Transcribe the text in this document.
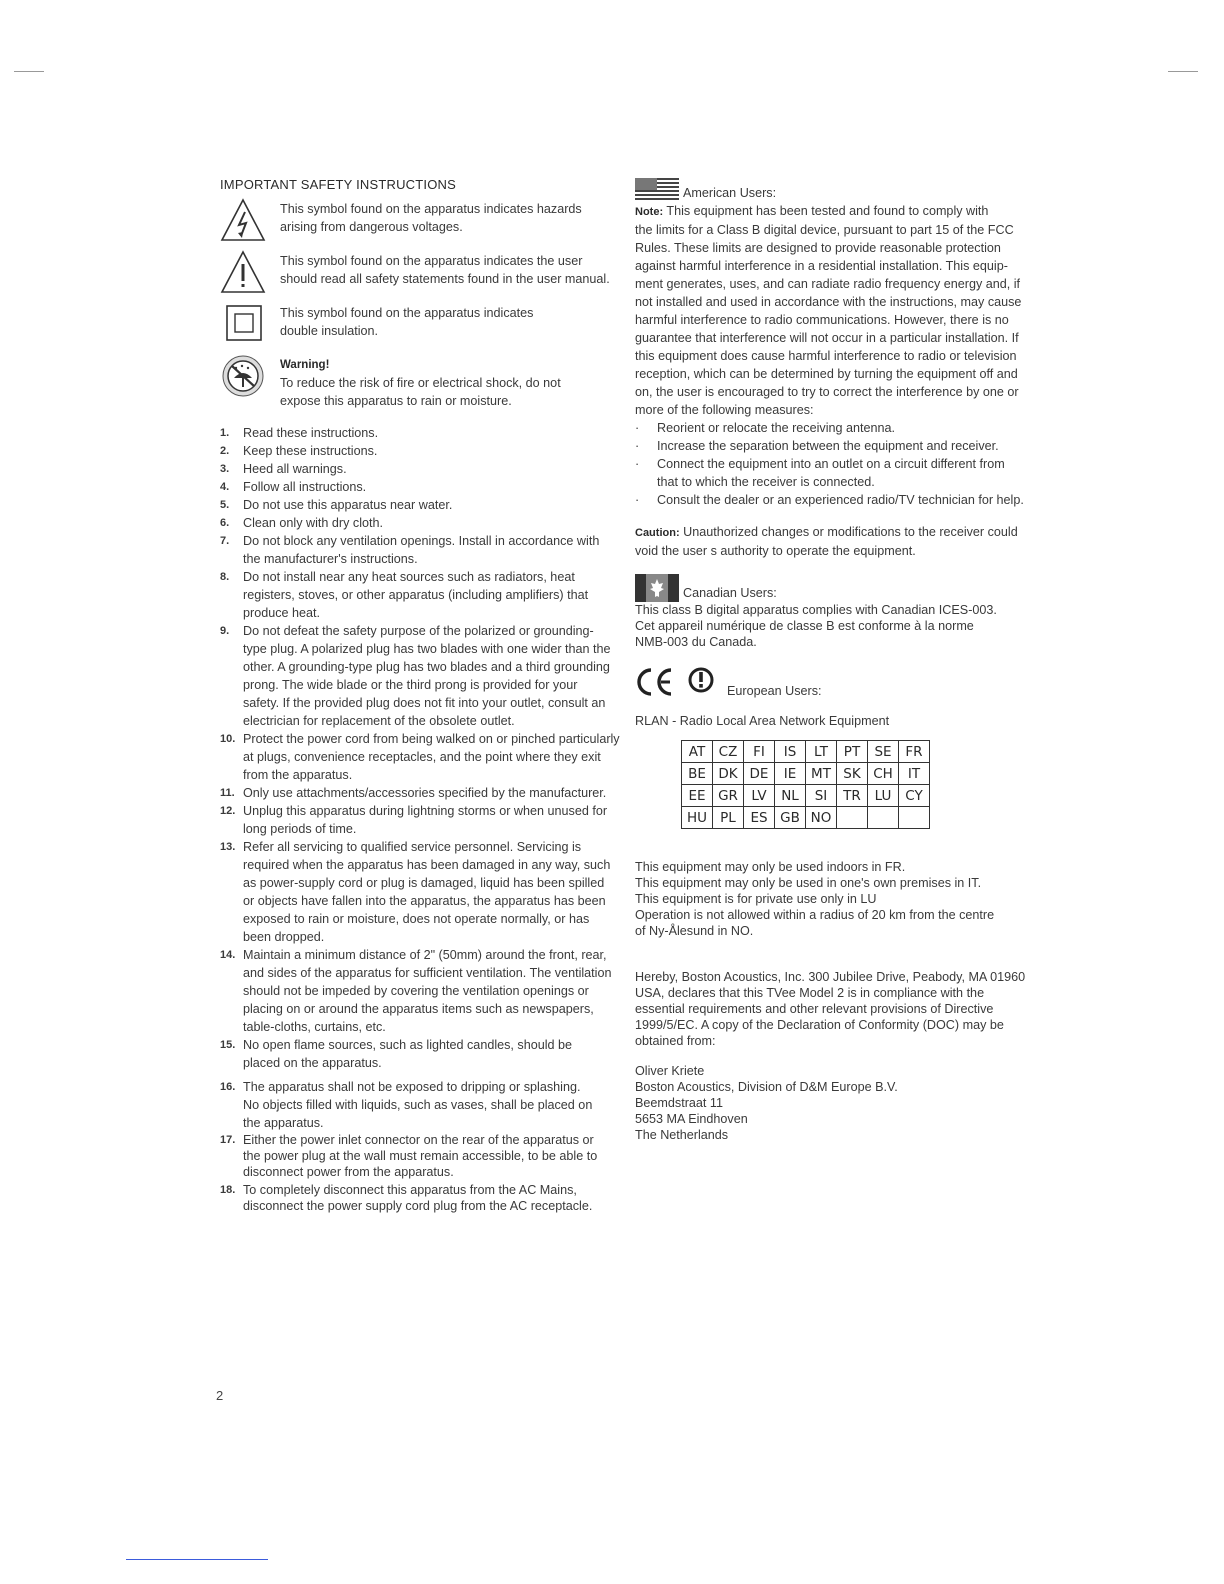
IMPORTANT SAFETY INSTRUCTIONS
This symbol found on the apparatus indicates hazards
arising from dangerous voltages.
This symbol found on the apparatus indicates the user
should read all safety statements found in the user manual.
This symbol found on the apparatus indicates
double insulation.
Warning!
To reduce the risk of fire or electrical shock, do not
expose this apparatus to rain or moisture.
1. Read these instructions.
2. Keep these instructions.
3. Heed all warnings.
4. Follow all instructions.
5. Do not use this apparatus near water.
6. Clean only with dry cloth.
7. Do not block any ventilation openings. Install in accordance with
the manufacturer's instructions.
8. Do not install near any heat sources such as radiators, heat
registers, stoves, or other apparatus (including amplifiers) that
produce heat.
9. Do not defeat the safety purpose of the polarized or grounding-
type plug. A polarized plug has two blades with one wider than the
other. A grounding-type plug has two blades and a third grounding
prong. The wide blade or the third prong is provided for your
safety. If the provided plug does not fit into your outlet, consult an
electrician for replacement of the obsolete outlet.
10. Protect the power cord from being walked on or pinched particularly
at plugs, convenience receptacles, and the point where they exit
from the apparatus.
11. Only use attachments/accessories specified by the manufacturer.
12. Unplug this apparatus during lightning storms or when unused for
long periods of time.
13. Refer all servicing to qualified service personnel. Servicing is
required when the apparatus has been damaged in any way, such
as power-supply cord or plug is damaged, liquid has been spilled
or objects have fallen into the apparatus, the apparatus has been
exposed to rain or moisture, does not operate normally, or has
been dropped.
14. Maintain a minimum distance of 2" (50mm) around the front, rear,
and sides of the apparatus for sufficient ventilation. The ventilation
should not be impeded by covering the ventilation openings or
placing on or around the apparatus items such as newspapers,
table-cloths, curtains, etc.
15. No open flame sources, such as lighted candles, should be
placed on the apparatus.
16. The apparatus shall not be exposed to dripping or splashing.
No objects filled with liquids, such as vases, shall be placed on
the apparatus.
17. Either the power inlet connector on the rear of the apparatus or
the power plug at the wall must remain accessible, to be able to
disconnect power from the apparatus.
18. To completely disconnect this apparatus from the AC Mains,
disconnect the power supply cord plug from the AC receptacle.
American Users:
Note: This equipment has been tested and found to comply with
the limits for a Class B digital device, pursuant to part 15 of the FCC
Rules. These limits are designed to provide reasonable protection
against harmful interference in a residential installation. This equip-
ment generates, uses, and can radiate radio frequency energy and, if
not installed and used in accordance with the instructions, may cause
harmful interference to radio communications. However, there is no
guarantee that interference will not occur in a particular installation. If
this equipment does cause harmful interference to radio or television
reception, which can be determined by turning the equipment off and
on, the user is encouraged to try to correct the interference by one or
more of the following measures:
· Reorient or relocate the receiving antenna.
· Increase the separation between the equipment and receiver.
· Connect the equipment into an outlet on a circuit different from
that to which the receiver is connected.
· Consult the dealer or an experienced radio/TV technician for help.
Caution: Unauthorized changes or modifications to the receiver could
void the user s authority to operate the equipment.
Canadian Users:
This class B digital apparatus complies with Canadian ICES-003.
Cet appareil numérique de classe B est conforme à la norme
NMB-003 du Canada.
European Users:
RLAN - Radio Local Area Network Equipment
AT	CZ	FI	IS	LT	PT	SE	FR
BE	DK	DE	IE	MT	SK	CH	IT
EE	GR	LV	NL	SI	TR	LU	CY
HU	PL	ES	GB	NO			
This equipment may only be used indoors in FR.
This equipment may only be used in one's own premises in IT.
This equipment is for private use only in LU
Operation is not allowed within a radius of 20 km from the centre
of Ny-Ålesund in NO.
Hereby, Boston Acoustics, Inc. 300 Jubilee Drive, Peabody, MA 01960
USA, declares that this TVee Model 2 is in compliance with the
essential requirements and other relevant provisions of Directive
1999/5/EC. A copy of the Declaration of Conformity (DOC) may be
obtained from:
Oliver Kriete
Boston Acoustics, Division of D&M Europe B.V.
Beemdstraat 11
5653 MA Eindhoven
The Netherlands
2
